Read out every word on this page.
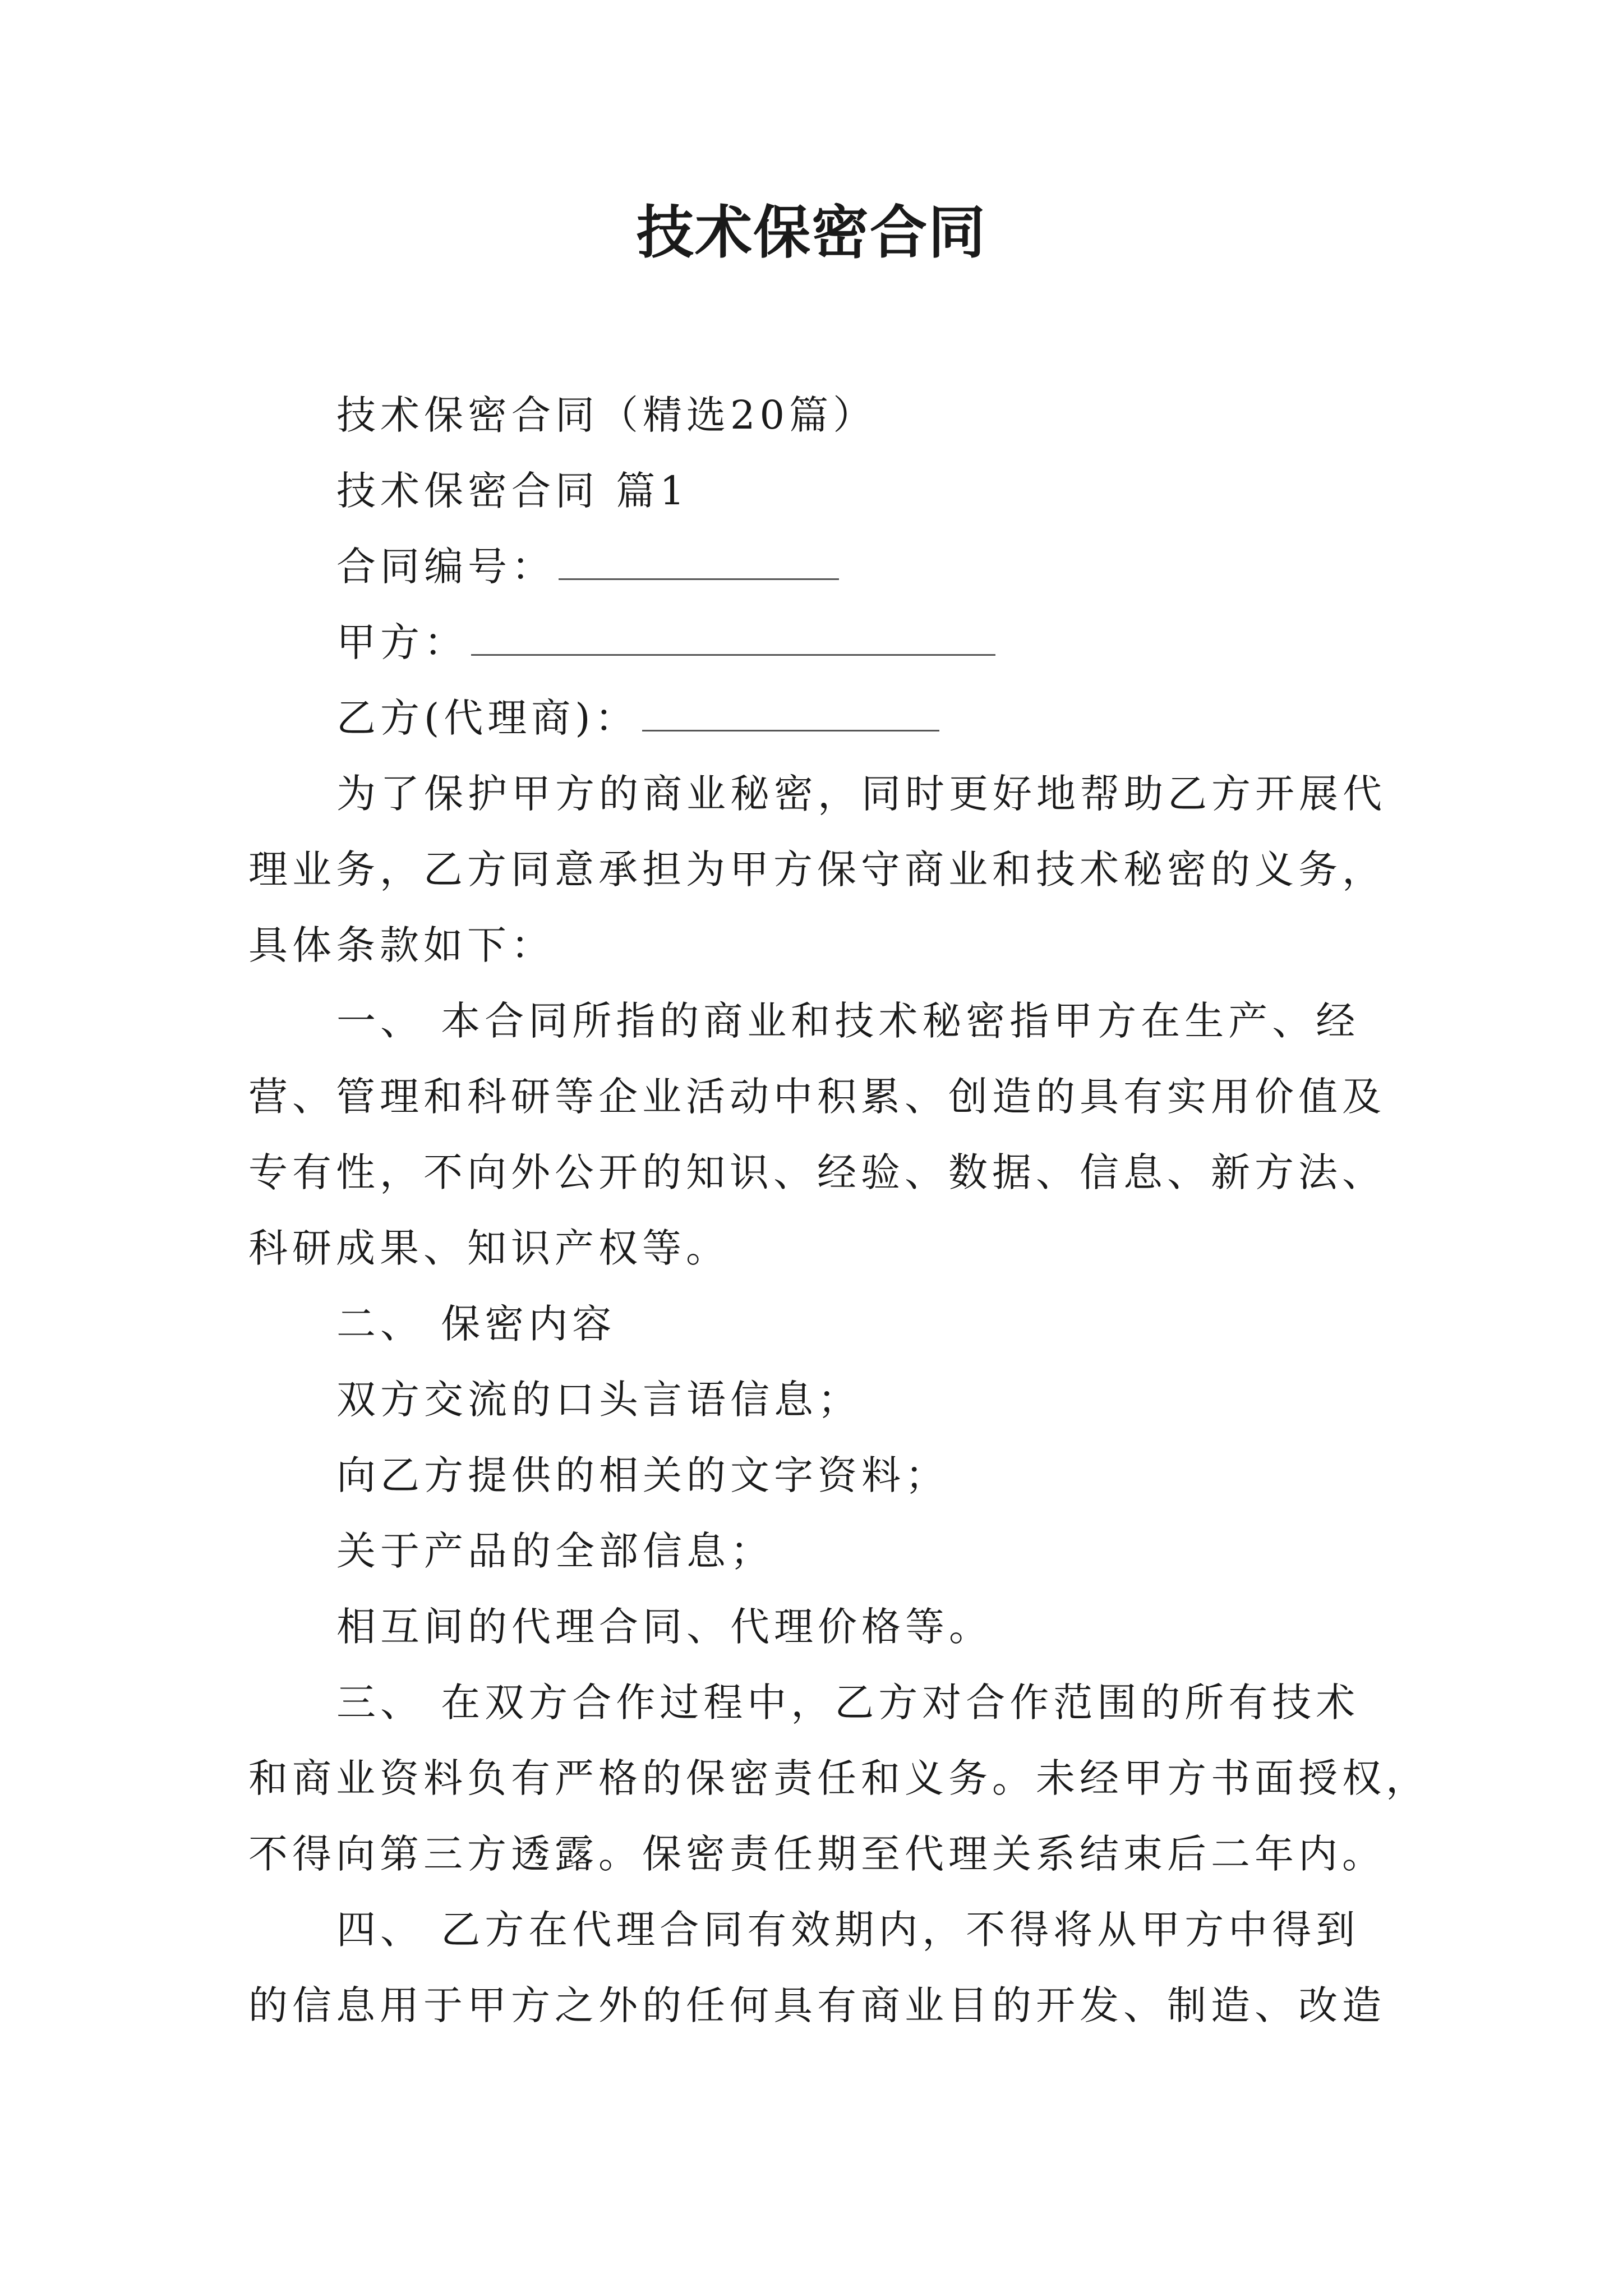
技术保密合同
技术保密合同（精选20篇）
技术保密合同 篇1
合同编号：
甲方：
乙方(代理商)：
为了保护甲方的商业秘密，同时更好地帮助乙方开展代
理业务，乙方同意承担为甲方保守商业和技术秘密的义务，
具体条款如下：
一、 本合同所指的商业和技术秘密指甲方在生产、经
营、管理和科研等企业活动中积累、创造的具有实用价值及
专有性，不向外公开的知识、经验、数据、信息、新方法、
科研成果、知识产权等。
二、 保密内容
双方交流的口头言语信息；
向乙方提供的相关的文字资料；
关于产品的全部信息；
相互间的代理合同、代理价格等。
三、 在双方合作过程中，乙方对合作范围的所有技术
和商业资料负有严格的保密责任和义务。未经甲方书面授权，
不得向第三方透露。保密责任期至代理关系结束后二年内。
四、 乙方在代理合同有效期内，不得将从甲方中得到
的信息用于甲方之外的任何具有商业目的开发、制造、改造
